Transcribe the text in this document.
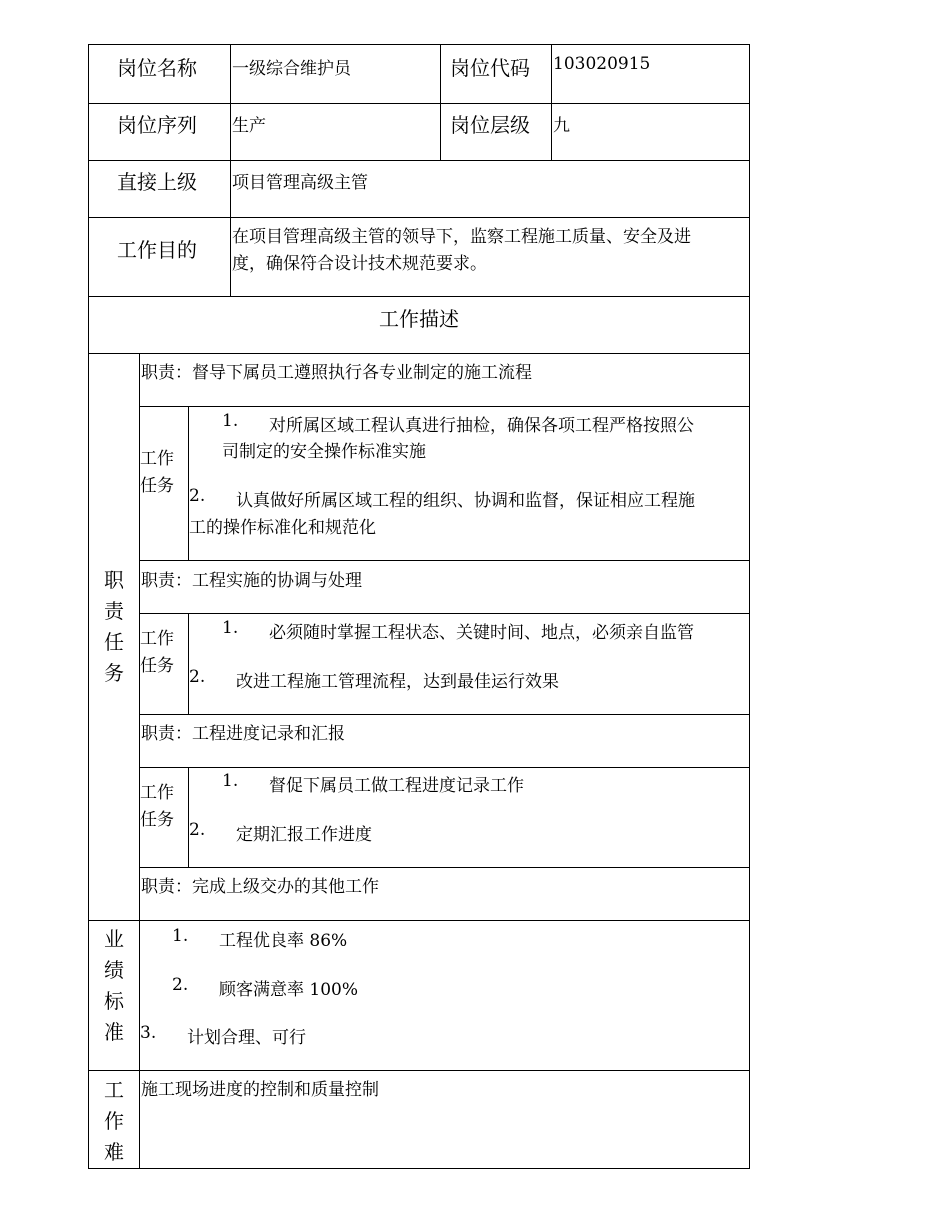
岗位名称 一级综合维护员	岗位代码 103020915
岗位序列 生产	岗位层级 九
直接上级 项目管理高级主管
工作目的
在项目管理高级主管的领导下，监察工程施工质量、安全及进
度，确保符合设计技术规范要求。
工作描述
职
责
任
务
职责：督导下属员工遵照执行各专业制定的施工流程
工作
任务
1. 对所属区域工程认真进行抽检，确保各项工程严格按照公
司制定的安全操作标准实施
2. 认真做好所属区域工程的组织、协调和监督，保证相应工程施
工的操作标准化和规范化
职责：工程实施的协调与处理
工作
任务
1. 必须随时掌握工程状态、关键时间、地点，必须亲自监管
2. 改进工程施工管理流程，达到最佳运行效果
职责：工程进度记录和汇报
工作
任务
1. 督促下属员工做工程进度记录工作
2. 定期汇报工作进度
职责：完成上级交办的其他工作
业
绩
标
准
1. 工程优良率 86%
2. 顾客满意率 100%
3. 计划合理、可行
工
作
难
施工现场进度的控制和质量控制
